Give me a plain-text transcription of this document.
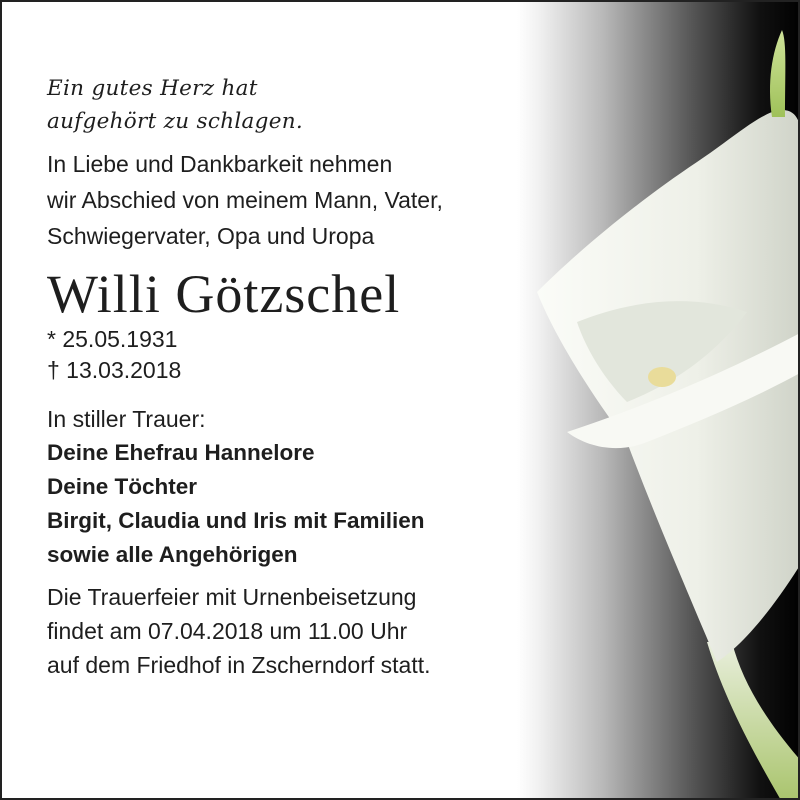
Ein gutes Herz hat
aufgehört zu schlagen.

In Liebe und Dankbarkeit nehmen
wir Abschied von meinem Mann, Vater,
Schwiegervater, Opa und Uropa

Willi Götzschel

* 25.05.1931

† 13.03.2018

In stiller Trauer:

Deine Ehefrau Hannelore
Deine Töchter
Birgit, Claudia und Iris mit Familien
sowie alle Angehörigen

Die Trauerfeier mit Urnenbeisetzung
findet am 07.04.2018 um 11.00 Uhr
auf dem Friedhof in Zscherndorf statt.
